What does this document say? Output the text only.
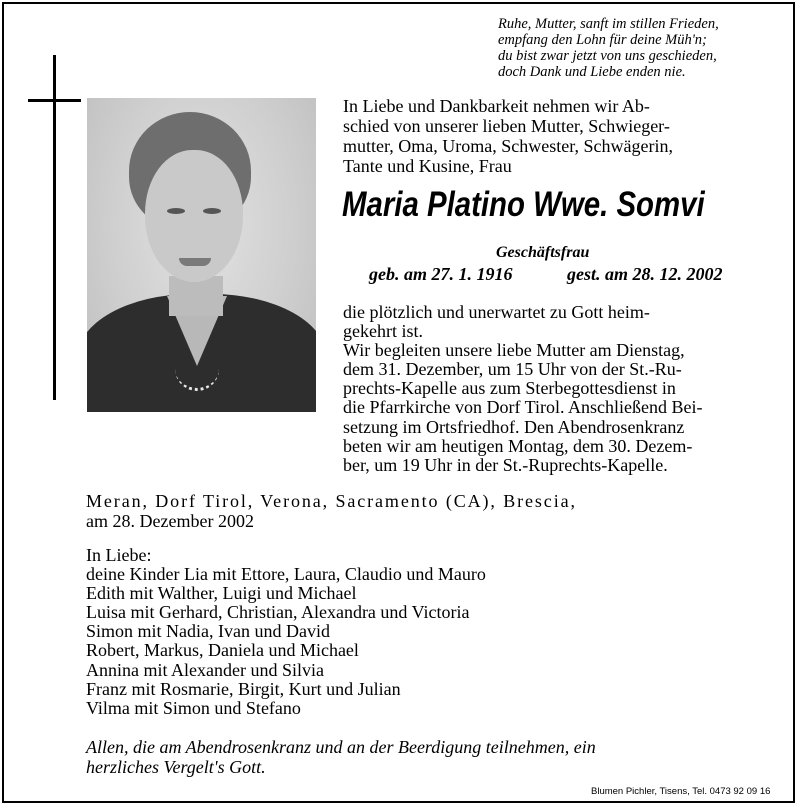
Ruhe, Mutter, sanft im stillen Frieden,
empfang den Lohn für deine Müh'n;
du bist zwar jetzt von uns geschieden,
doch Dank und Liebe enden nie.
In Liebe und Dankbarkeit nehmen wir Ab-
schied von unserer lieben Mutter, Schwieger-
mutter, Oma, Uroma, Schwester, Schwägerin,
Tante und Kusine, Frau
Maria Platino Wwe. Somvi
Geschäftsfrau
geb. am 27. 1. 1916	gest. am 28. 12. 2002
die plötzlich und unerwartet zu Gott heim-
gekehrt ist.
Wir begleiten unsere liebe Mutter am Dienstag,
dem 31. Dezember, um 15 Uhr von der St.-Ru-
prechts-Kapelle aus zum Sterbegottesdienst in
die Pfarrkirche von Dorf Tirol. Anschließend Bei-
setzung im Ortsfriedhof. Den Abendrosenkranz
beten wir am heutigen Montag, dem 30. Dezem-
ber, um 19 Uhr in der St.-Ruprechts-Kapelle.
Meran, Dorf Tirol, Verona, Sacramento (CA), Brescia,
am 28. Dezember 2002
In Liebe:
deine Kinder Lia mit Ettore, Laura, Claudio und Mauro
Edith mit Walther, Luigi und Michael
Luisa mit Gerhard, Christian, Alexandra und Victoria
Simon mit Nadia, Ivan und David
Robert, Markus, Daniela und Michael
Annina mit Alexander und Silvia
Franz mit Rosmarie, Birgit, Kurt und Julian
Vilma mit Simon und Stefano
Allen, die am Abendrosenkranz und an der Beerdigung teilnehmen, ein
herzliches Vergelt's Gott.
Blumen Pichler, Tisens, Tel. 0473 92 09 16
